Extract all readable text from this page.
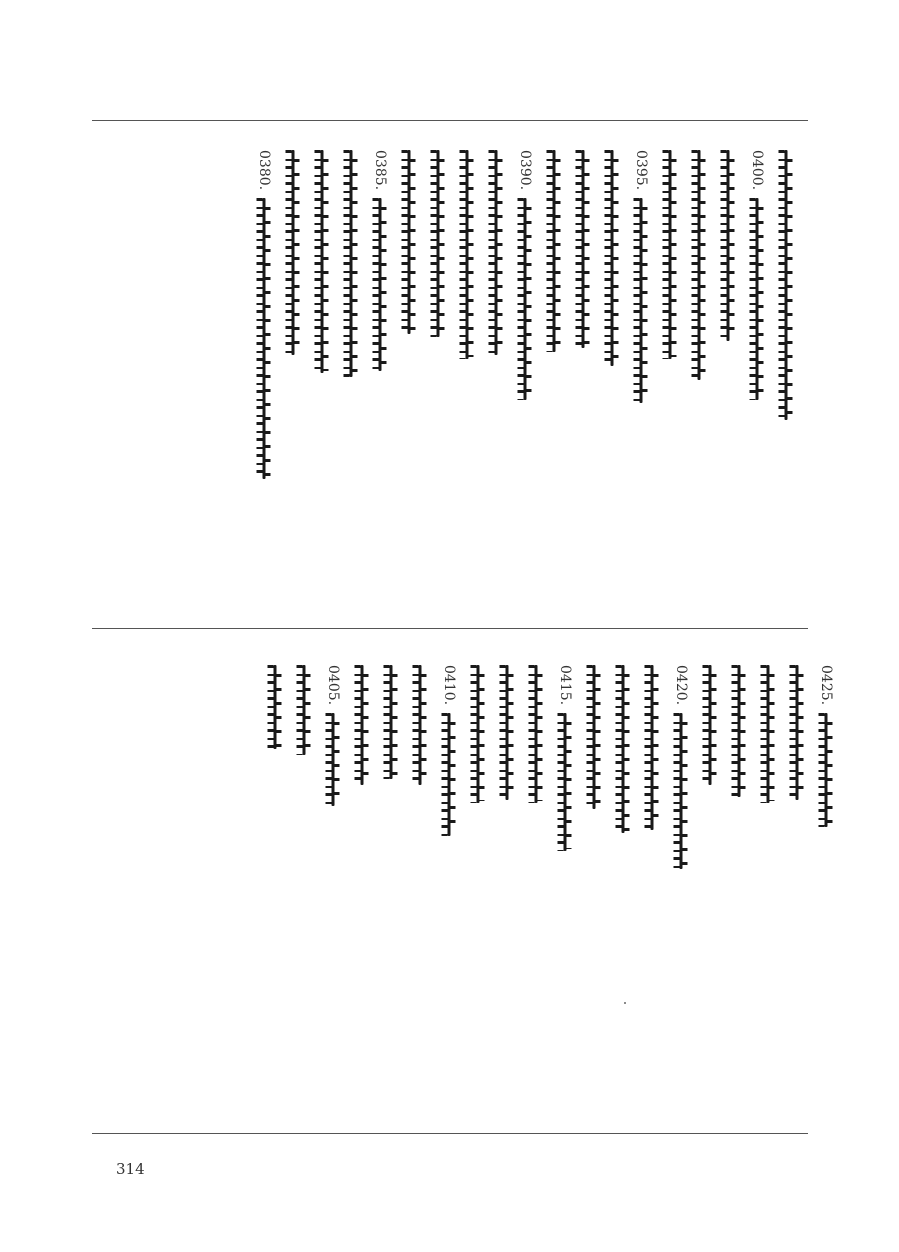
0400.
0395.
0390.
0385.
0380.
0425.
0420.
0415.
0410.
0405.
314
